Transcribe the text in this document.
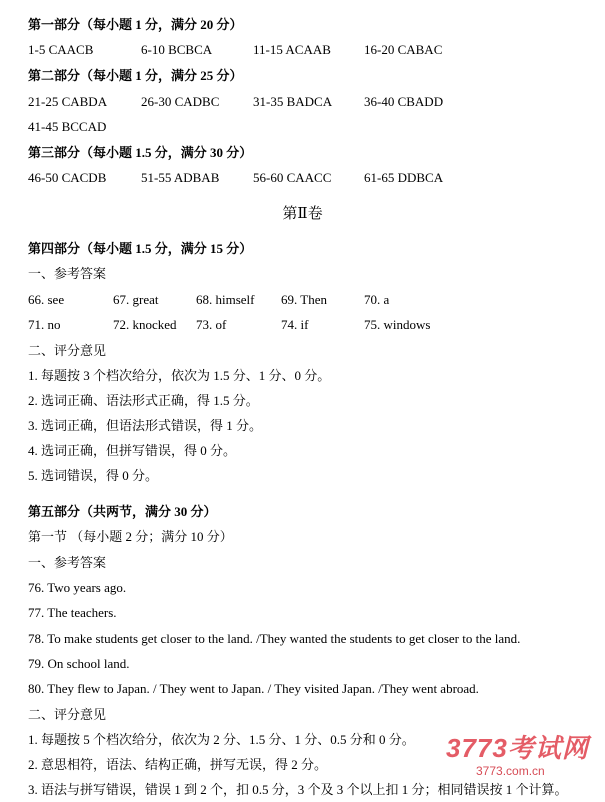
第一部分（每小题 1 分，满分 20 分）
1-5 CAACB	6-10 BCBCA	11-15 ACAAB	16-20 CABAC
第二部分（每小题 1 分，满分 25 分）
21-25 CABDA	26-30 CADBC	31-35 BADCA 36-40 CBADD
41-45 BCCAD
第三部分（每小题 1.5 分，满分 30 分）
46-50 CACDB	51-55 ADBAB	56-60 CAACC	61-65 DDBCA
第Ⅱ卷
第四部分（每小题 1.5 分，满分 15 分）
一、参考答案
66. see	67. great	68. himself 69. Then	70. a
71. no	72. knocked 73. of	74. if	75. windows
二、评分意见
1. 每题按 3 个档次给分，依次为 1.5 分、1 分、0 分。
2. 选词正确、语法形式正确，得 1.5 分。
3. 选词正确，但语法形式错误，得 1 分。
4. 选词正确，但拼写错误，得 0 分。
5. 选词错误，得 0 分。
第五部分（共两节，满分 30 分）
第一节 （每小题 2 分；满分 10 分）
一、参考答案
76. Two years ago.
77. The teachers.
78. To make students get closer to the land. /They wanted the students to get closer to the land.
79. On school land.
80. They flew to Japan. / They went to Japan. / They visited Japan. /They went abroad.
二、评分意见
1. 每题按 5 个档次给分，依次为 2 分、1.5 分、1 分、0.5 分和 0 分。
2. 意思相符，语法、结构正确，拼写无误，得 2 分。
3. 语法与拼写错误，错误 1 到 2 个，扣 0.5 分，3 个及 3 个以上扣 1 分；相同错误按 1 个计算。
3773考试网
3773.com.cn
